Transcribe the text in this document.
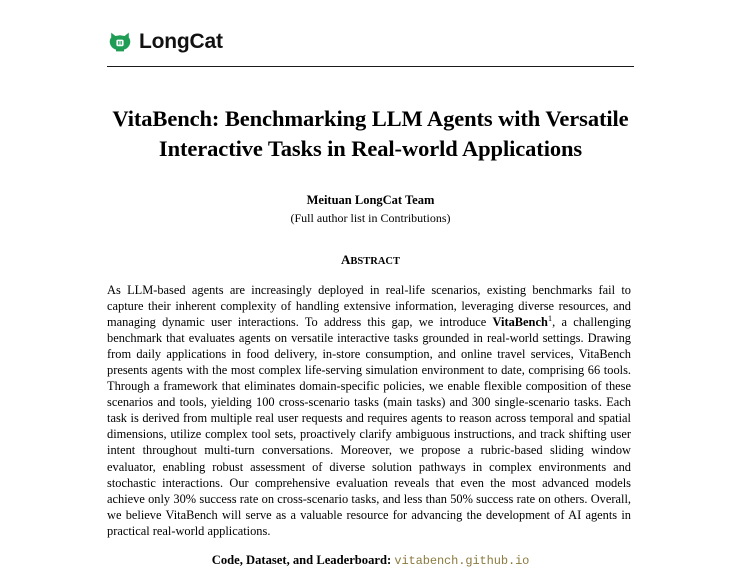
LongCat
VitaBench: Benchmarking LLM Agents with Versatile
Interactive Tasks in Real-world Applications
Meituan LongCat Team
(Full author list in Contributions)
ABSTRACT
As LLM-based agents are increasingly deployed in real-life scenarios, existing benchmarks fail to capture their inherent complexity of handling extensive information, leveraging diverse resources, and managing dynamic user interactions. To address this gap, we introduce VitaBench$^1$, a challenging benchmark that evaluates agents on versatile interactive tasks grounded in real-world settings. Drawing from daily applications in food delivery, in-store consumption, and online travel services, VitaBench presents agents with the most complex life-serving simulation environment to date, comprising 66 tools. Through a framework that eliminates domain-specific policies, we enable flexible composition of these scenarios and tools, yielding 100 cross-scenario tasks (main tasks) and 300 single-scenario tasks. Each task is derived from multiple real user requests and requires agents to reason across temporal and spatial dimensions, utilize complex tool sets, proactively clarify ambiguous instructions, and track shifting user intent throughout multi-turn conversations. Moreover, we propose a rubric-based sliding window evaluator, enabling robust assessment of diverse solution pathways in complex environments and stochastic interactions. Our comprehensive evaluation reveals that even the most advanced models achieve only 30% success rate on cross-scenario tasks, and less than 50% success rate on others. Overall, we believe VitaBench will serve as a valuable resource for advancing the development of AI agents in practical real-world applications.
Code, Dataset, and Leaderboard: vitabench.github.io
